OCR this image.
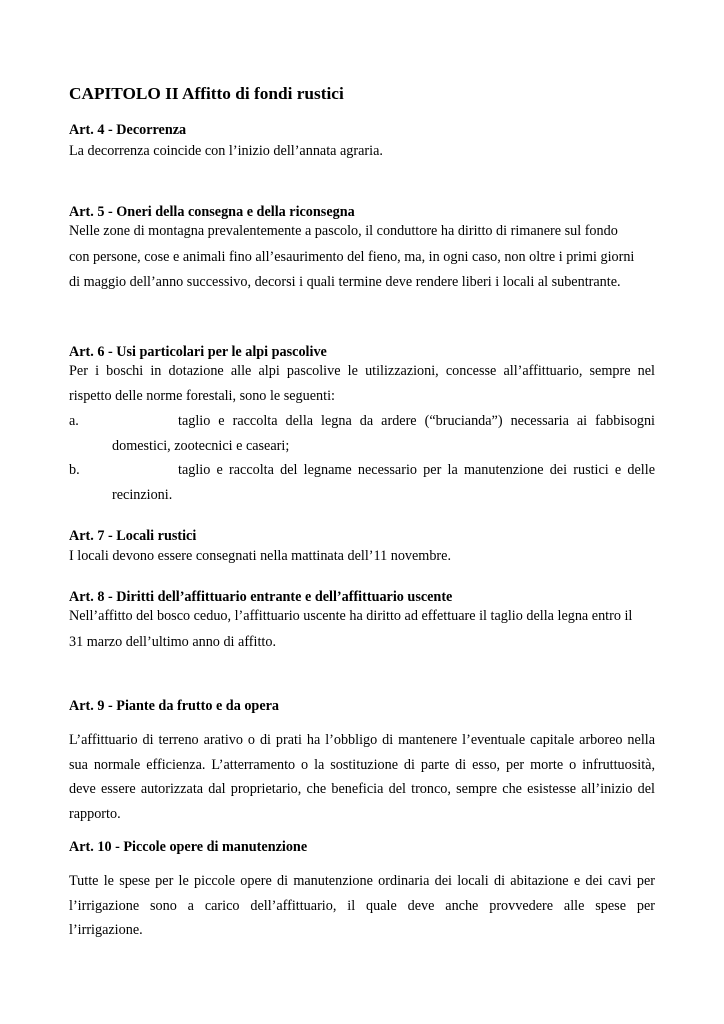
CAPITOLO II Affitto di fondi rustici

Art. 4 - Decorrenza

La decorrenza coincide con l’inizio dell’annata agraria.

Art. 5 - Oneri della consegna e della riconsegna

Nelle zone di montagna prevalentemente a pascolo, il conduttore ha diritto di rimanere sul fondo

con persone, cose e animali fino all’esaurimento del fieno, ma, in ogni caso, non oltre i primi giorni

di maggio dell’anno successivo, decorsi i quali termine deve rendere liberi i locali al subentrante.

Art. 6 - Usi particolari per le alpi pascolive

Per i boschi in dotazione alle alpi pascolive le utilizzazioni, concesse all’affittuario, sempre nel

rispetto delle norme forestali, sono le seguenti:

a.	taglio e raccolta della legna da ardere (“bruciandа”) necessaria ai fabbisogni
domestici, zootecnici e caseari;
b.	taglio e raccolta del legname necessario per la manutenzione dei rustici e delle
recinzioni.

Art. 7 - Locali rustici

I locali devono essere consegnati nella mattinata dell’11 novembre.

Art. 8 - Diritti dell’affittuario entrante e dell’affittuario uscente

Nell’affitto del bosco ceduo, l’affittuario uscente ha diritto ad effettuare il taglio della legna entro il

31 marzo dell’ultimo anno di affitto.

Art. 9 - Piante da frutto e da opera

L’affittuario di terreno arativo o di prati ha l’obbligo di mantenere l’eventuale capitale arboreo nella

sua normale efficienza. L’atterramento o la sostituzione di parte di esso, per morte o infruttuosità,

deve essere autorizzata dal proprietario, che beneficia del tronco, sempre che esistesse all’inizio del

rapporto.

Art. 10 - Piccole opere di manutenzione

Tutte le spese per le piccole opere di manutenzione ordinaria dei locali di abitazione e dei cavi per

l’irrigazione sono a carico dell’affittuario, il quale deve anche provvedere alle spese per

l’irrigazione.
